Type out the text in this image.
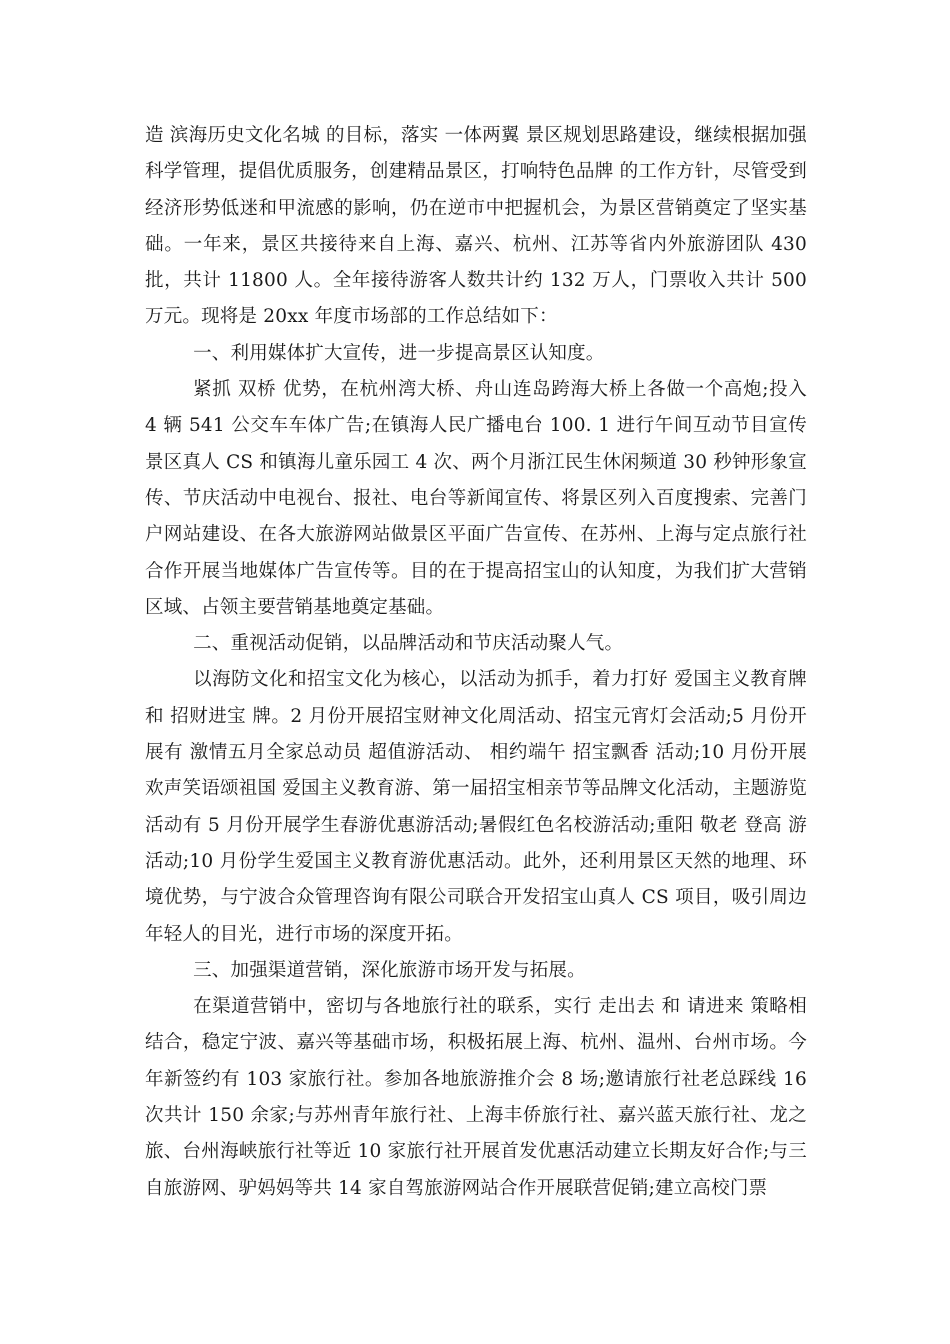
造 滨海历史文化名城 的目标，落实 一体两翼 景区规划思路建设，继续根据加强科学管理，提倡优质服务，创建精品景区，打响特色品牌 的工作方针，尽管受到经济形势低迷和甲流感的影响，仍在逆市中把握机会，为景区营销奠定了坚实基础。一年来，景区共接待来自上海、嘉兴、杭州、江苏等省内外旅游团队 430 批，共计 11800 人。全年接待游客人数共计约 132 万人，门票收入共计 500 万元。现将是 20xx 年度市场部的工作总结如下：

一、利用媒体扩大宣传，进一步提高景区认知度。

紧抓 双桥 优势，在杭州湾大桥、舟山连岛跨海大桥上各做一个高炮;投入 4 辆 541 公交车车体广告;在镇海人民广播电台 100. 1 进行午间互动节目宣传景区真人 CS 和镇海儿童乐园工 4 次、两个月浙江民生休闲频道 30 秒钟形象宣传、节庆活动中电视台、报社、电台等新闻宣传、将景区列入百度搜索、完善门户网站建设、在各大旅游网站做景区平面广告宣传、在苏州、上海与定点旅行社合作开展当地媒体广告宣传等。目的在于提高招宝山的认知度，为我们扩大营销区域、占领主要营销基地奠定基础。

二、重视活动促销，以品牌活动和节庆活动聚人气。

以海防文化和招宝文化为核心，以活动为抓手，着力打好 爱国主义教育牌和 招财进宝 牌。2 月份开展招宝财神文化周活动、招宝元宵灯会活动;5 月份开展有 激情五月全家总动员 超值游活动、 相约端午 招宝飘香 活动;10 月份开展 欢声笑语颂祖国 爱国主义教育游、第一届招宝相亲节等品牌文化活动，主题游览活动有 5 月份开展学生春游优惠游活动;暑假红色名校游活动;重阳 敬老 登高 游活动;10 月份学生爱国主义教育游优惠活动。此外，还利用景区天然的地理、环境优势，与宁波合众管理咨询有限公司联合开发招宝山真人 CS 项目，吸引周边年轻人的目光，进行市场的深度开拓。

三、加强渠道营销，深化旅游市场开发与拓展。

在渠道营销中，密切与各地旅行社的联系，实行 走出去 和 请进来 策略相结合，稳定宁波、嘉兴等基础市场，积极拓展上海、杭州、温州、台州市场。今年新签约有 103 家旅行社。参加各地旅游推介会 8 场;邀请旅行社老总踩线 16 次共计 150 余家;与苏州青年旅行社、上海丰侨旅行社、嘉兴蓝天旅行社、龙之旅、台州海峡旅行社等近 10 家旅行社开展首发优惠活动建立长期友好合作;与三自旅游网、驴妈妈等共 14 家自驾旅游网站合作开展联营促销;建立高校门票
